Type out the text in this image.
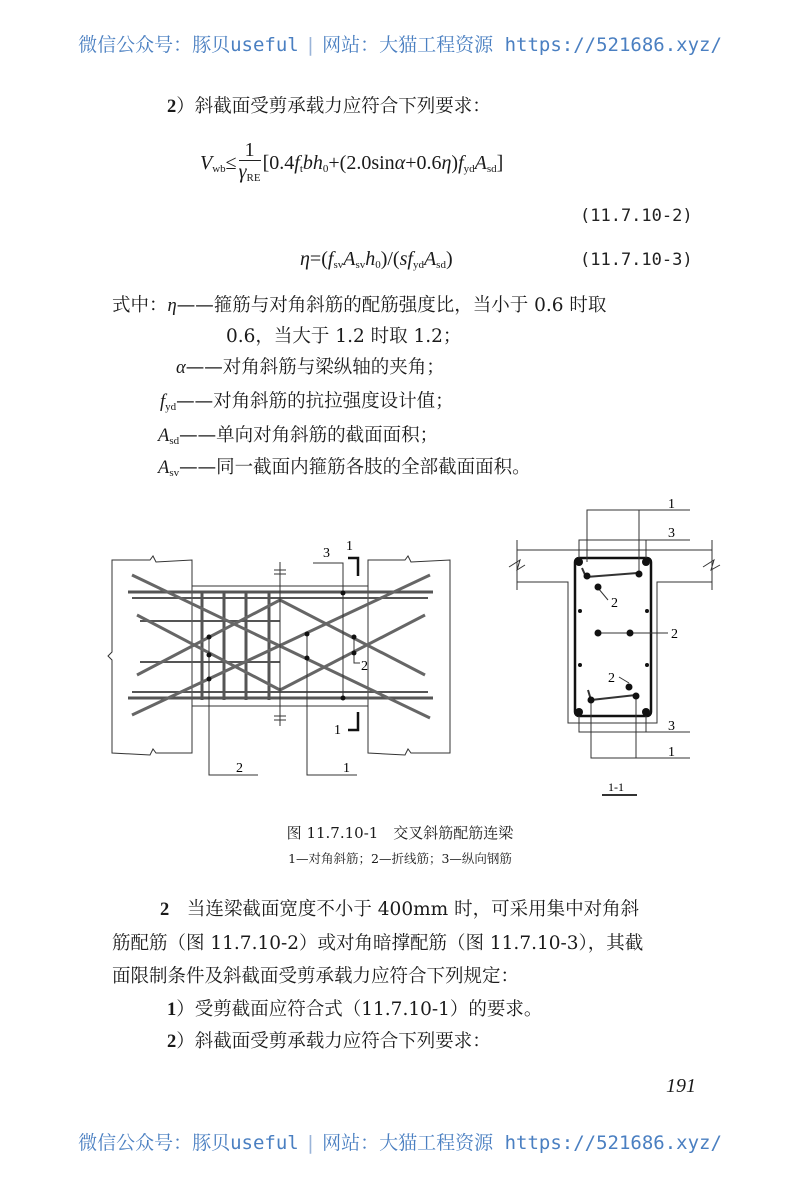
微信公众号：豚贝useful | 网站：大猫工程资源 https://521686.xyz/
2）斜截面受剪承载力应符合下列要求：
$V_{wb}\le \frac{1}{\gamma_{RE}} [0.4f_tbh_0+(2.0\sin\alpha+0.6\eta)f_{yd}A_{sd}]$
(11.7.10-2)
$\eta=(f_{sv}A_{sv}h_0)/(sf_{yd}A_{sd})$	(11.7.10-3)
式中：η——箍筋与对角斜筋的配筋强度比，当小于 0.6 时取
0.6，当大于 1.2 时取 1.2；
α——对角斜筋与梁纵轴的夹角；
$f_{yd}——$对角斜筋的抗拉强度设计值；
$A_{sd}——$单向对角斜筋的截面面积；
$A_{sv}——$同一截面内箍筋各肢的全部截面面积。
3 1
1
2
2	1
1
3
2
2
2
3
1
1-1
图 11.7.10-1　交叉斜筋配筋连梁
1—对角斜筋；2—折线筋；3—纵向钢筋
2 当连梁截面宽度不小于 400mm 时，可采用集中对角斜
筋配筋（图 11.7.10-2）或对角暗撑配筋（图 11.7.10-3），其截
面限制条件及斜截面受剪承载力应符合下列规定：
1）受剪截面应符合式（11.7.10-1）的要求。
2）斜截面受剪承载力应符合下列要求：
191
微信公众号：豚贝useful | 网站：大猫工程资源 https://521686.xyz/
